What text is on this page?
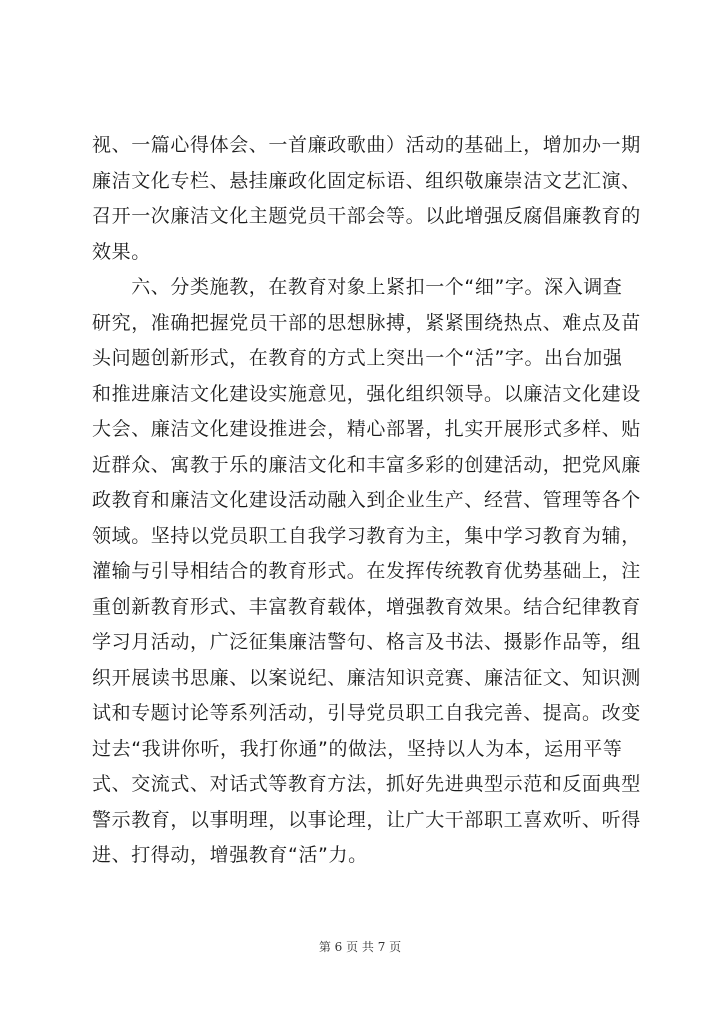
视、一篇心得体会、一首廉政歌曲）活动的基础上，增加办一期
廉洁文化专栏、悬挂廉政化固定标语、组织敬廉崇洁文艺汇演、
召开一次廉洁文化主题党员干部会等。以此增强反腐倡廉教育的
效果。
　　六、分类施教，在教育对象上紧扣一个“细”字。深入调查
研究，准确把握党员干部的思想脉搏，紧紧围绕热点、难点及苗
头问题创新形式，在教育的方式上突出一个“活”字。出台加强
和推进廉洁文化建设实施意见，强化组织领导。以廉洁文化建设
大会、廉洁文化建设推进会，精心部署，扎实开展形式多样、贴
近群众、寓教于乐的廉洁文化和丰富多彩的创建活动，把党风廉
政教育和廉洁文化建设活动融入到企业生产、经营、管理等各个
领域。坚持以党员职工自我学习教育为主，集中学习教育为辅，
灌输与引导相结合的教育形式。在发挥传统教育优势基础上，注
重创新教育形式、丰富教育载体，增强教育效果。结合纪律教育
学习月活动，广泛征集廉洁警句、格言及书法、摄影作品等，组
织开展读书思廉、以案说纪、廉洁知识竞赛、廉洁征文、知识测
试和专题讨论等系列活动，引导党员职工自我完善、提高。改变
过去“我讲你听，我打你通”的做法，坚持以人为本，运用平等
式、交流式、对话式等教育方法，抓好先进典型示范和反面典型
警示教育，以事明理，以事论理，让广大干部职工喜欢听、听得
进、打得动，增强教育“活”力。
第 6 页 共 7 页
